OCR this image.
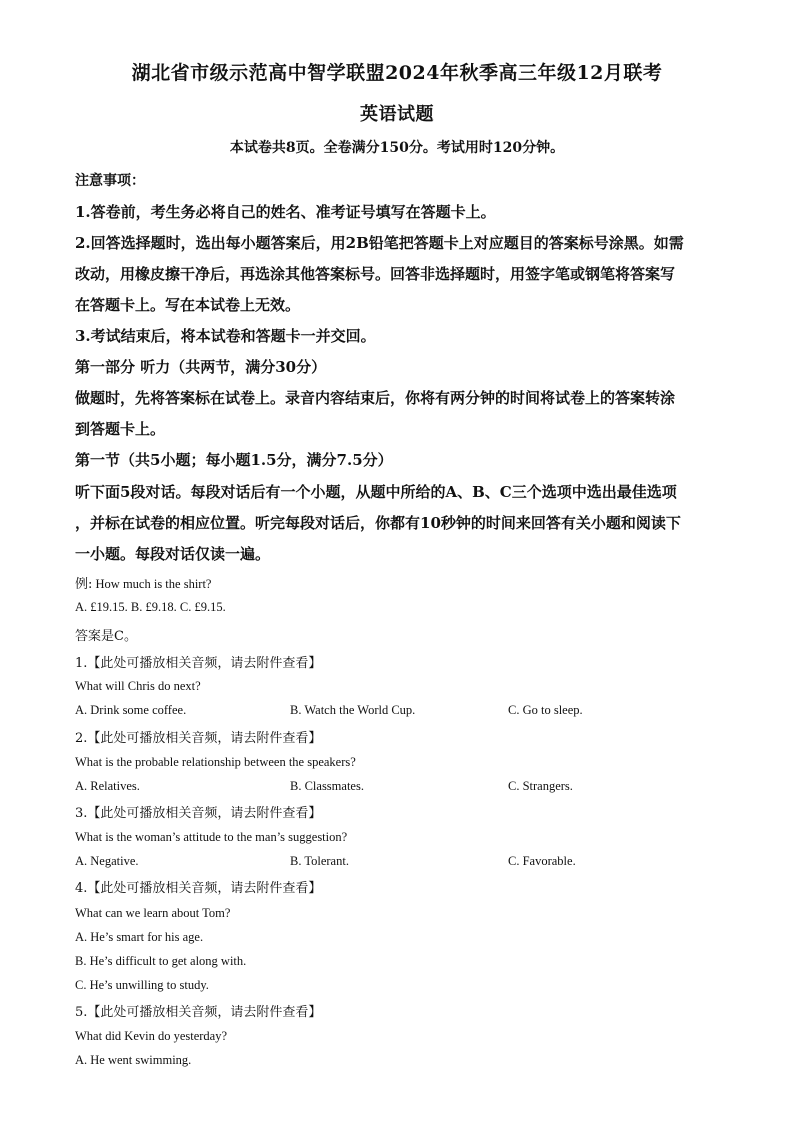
湖北省市级示范高中智学联盟2024年秋季高三年级12月联考
英语试题
本试卷共8页。全卷满分150分。考试用时120分钟。
注意事项：
1.答卷前，考生务必将自己的姓名、准考证号填写在答题卡上。
2.回答选择题时，选出每小题答案后，用2B铅笔把答题卡上对应题目的答案标号涂黑。如需
改动，用橡皮擦干净后，再选涂其他答案标号。回答非选择题时，用签字笔或钢笔将答案写
在答题卡上。写在本试卷上无效。
3.考试结束后，将本试卷和答题卡一并交回。
第一部分 听力（共两节，满分30分）
做题时，先将答案标在试卷上。录音内容结束后，你将有两分钟的时间将试卷上的答案转涂
到答题卡上。
第一节（共5小题；每小题1.5分，满分7.5分）
听下面5段对话。每段对话后有一个小题，从题中所给的A、B、C三个选项中选出最佳选项
，并标在试卷的相应位置。听完每段对话后，你都有10秒钟的时间来回答有关小题和阅读下
一小题。每段对话仅读一遍。
例: How much is the shirt?
A. £19.15. B. £9.18. C. £9.15.
答案是C。
1.【此处可播放相关音频，请去附件查看】
What will Chris do next?
A. Drink some coffee.	B. Watch the World Cup.	C. Go to sleep.
2.【此处可播放相关音频，请去附件查看】
What is the probable relationship between the speakers?
A. Relatives.	B. Classmates.	C. Strangers.
3.【此处可播放相关音频，请去附件查看】
What is the woman’s attitude to the man’s suggestion?
A. Negative.	B. Tolerant.	C. Favorable.
4.【此处可播放相关音频，请去附件查看】
What can we learn about Tom?
A. He’s smart for his age.
B. He’s difficult to get along with.
C. He’s unwilling to study.
5.【此处可播放相关音频，请去附件查看】
What did Kevin do yesterday?
A. He went swimming.
